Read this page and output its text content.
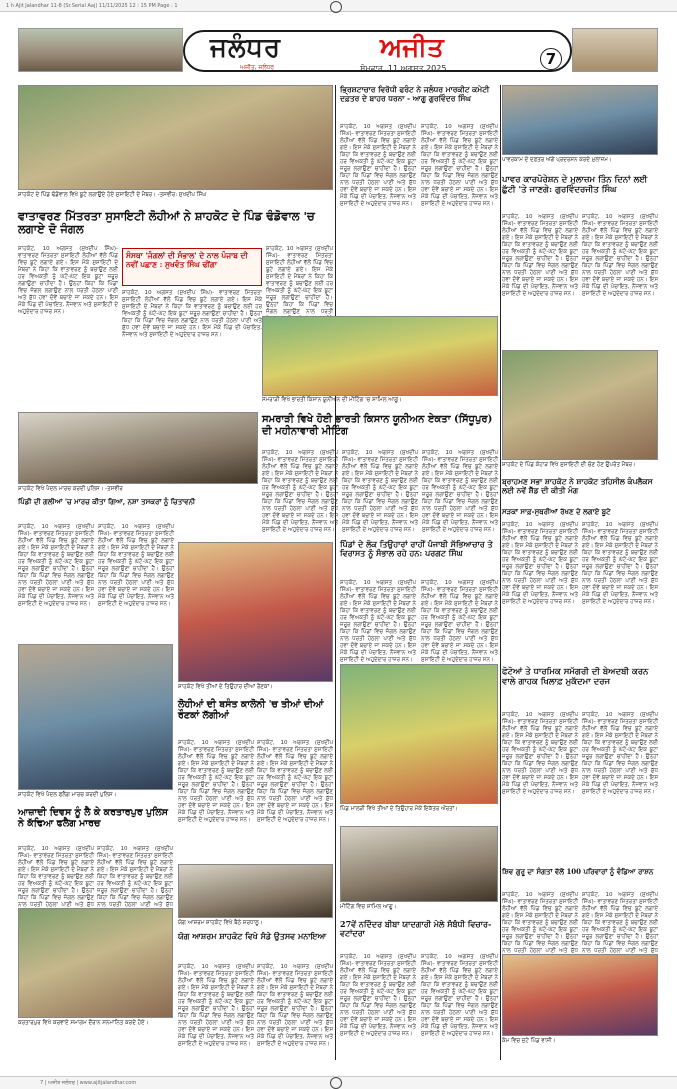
1 h Ajit Jalandhar 11-8 (Sr.Serial Aaj) 11/11/2025 12 : 15 PM Page : 1
ਜਲੰਧਰ	ਅਜੀਤ
ਅਜੀਤ, ਜਲੰਧਰ	ਸੋਮਵਾਰ, 11 ਅਗਸਤ 2025
7
ਸ਼ਾਹਕੋਟ ਦੇ ਪਿੰਡ ਢੰਡੋਵਾਲ ਵਿਖੇ ਬੂਟੇ ਲਗਾਉਂਦੇ ਹੋਏ ਸੁਸਾਇਟੀ ਦੇ ਮੈਂਬਰ। -ਤਸਵੀਰ: ਸੁਖਦੀਪ ਸਿੰਘ
ਵਾਤਾਵਰਣ ਮਿੱਤਰਤਾ ਸੁਸਾਇਟੀ ਲੋਹੀਆਂ ਨੇ ਸ਼ਾਹਕੋਟ ਦੇ ਪਿੰਡ ਢੰਡੋਵਾਲ 'ਚ ਲਗਾਏ ਦੋ ਜੰਗਲ
ਸ਼ਾਹਕੋਟ, 10 ਅਗਸਤ (ਸੁਖਦੀਪ ਸਿੰਘ)- ਵਾਤਾਵਰਣ ਮਿੱਤਰਤਾ ਸੁਸਾਇਟੀ ਲੋਹੀਆਂ ਵੱਲੋਂ ਪਿੰਡ ਵਿਚ ਬੂਟੇ ਲਗਾਏ ਗਏ। ਇਸ ਮੌਕੇ ਸੁਸਾਇਟੀ ਦੇ ਮੈਂਬਰਾਂ ਨੇ ਕਿਹਾ ਕਿ ਵਾਤਾਵਰਣ ਨੂੰ ਬਚਾਉਣ ਲਈ ਹਰ ਵਿਅਕਤੀ ਨੂੰ ਘੱਟੋ-ਘੱਟ ਇਕ ਬੂਟਾ ਜ਼ਰੂਰ ਲਗਾਉਣਾ ਚਾਹੀਦਾ ਹੈ। ਉਨ੍ਹਾਂ ਕਿਹਾ ਕਿ ਪਿੰਡਾਂ ਵਿਚ ਜੰਗਲ ਲਗਾਉਣ ਨਾਲ ਧਰਤੀ ਹੇਠਲਾ ਪਾਣੀ ਅਤੇ ਸ਼ੁੱਧ ਹਵਾ ਦੋਵੇਂ ਬਚਾਏ ਜਾ ਸਕਦੇ ਹਨ। ਇਸ ਮੌਕੇ ਪਿੰਡ ਦੀ ਪੰਚਾਇਤ, ਨੌਜਵਾਨ ਅਤੇ ਸੁਸਾਇਟੀ ਦੇ ਅਹੁਦੇਦਾਰ ਹਾਜ਼ਰ ਸਨ।
ਸੰਸਥਾ 'ਜੰਗਲਾਂ ਦੀ ਸੰਭਾਲ' ਦੇ ਨਾਲ ਪੰਜਾਬ ਦੀ ਨਵੀਂ ਪਛਾਣ : ਸੁਖਵੰਤ ਸਿੰਘ ਢੀਂਗਾ
ਸ਼ਾਹਕੋਟ, 10 ਅਗਸਤ (ਸੁਖਦੀਪ ਸਿੰਘ)- ਵਾਤਾਵਰਣ ਮਿੱਤਰਤਾ ਸੁਸਾਇਟੀ ਲੋਹੀਆਂ ਵੱਲੋਂ ਪਿੰਡ ਵਿਚ ਬੂਟੇ ਲਗਾਏ ਗਏ। ਇਸ ਮੌਕੇ ਸੁਸਾਇਟੀ ਦੇ ਮੈਂਬਰਾਂ ਨੇ ਕਿਹਾ ਕਿ ਵਾਤਾਵਰਣ ਨੂੰ ਬਚਾਉਣ ਲਈ ਹਰ ਵਿਅਕਤੀ ਨੂੰ ਘੱਟੋ-ਘੱਟ ਇਕ ਬੂਟਾ ਜ਼ਰੂਰ ਲਗਾਉਣਾ ਚਾਹੀਦਾ ਹੈ। ਉਨ੍ਹਾਂ ਕਿਹਾ ਕਿ ਪਿੰਡਾਂ ਵਿਚ ਜੰਗਲ ਲਗਾਉਣ ਨਾਲ ਧਰਤੀ ਹੇਠਲਾ ਪਾਣੀ ਅਤੇ ਸ਼ੁੱਧ ਹਵਾ ਦੋਵੇਂ ਬਚਾਏ ਜਾ ਸਕਦੇ ਹਨ। ਇਸ ਮੌਕੇ ਪਿੰਡ ਦੀ ਪੰਚਾਇਤ, ਨੌਜਵਾਨ ਅਤੇ ਸੁਸਾਇਟੀ ਦੇ ਅਹੁਦੇਦਾਰ ਹਾਜ਼ਰ ਸਨ।
ਸ਼ਾਹਕੋਟ, 10 ਅਗਸਤ (ਸੁਖਦੀਪ ਸਿੰਘ)- ਵਾਤਾਵਰਣ ਮਿੱਤਰਤਾ ਸੁਸਾਇਟੀ ਲੋਹੀਆਂ ਵੱਲੋਂ ਪਿੰਡ ਵਿਚ ਬੂਟੇ ਲਗਾਏ ਗਏ। ਇਸ ਮੌਕੇ ਸੁਸਾਇਟੀ ਦੇ ਮੈਂਬਰਾਂ ਨੇ ਕਿਹਾ ਕਿ ਵਾਤਾਵਰਣ ਨੂੰ ਬਚਾਉਣ ਲਈ ਹਰ ਵਿਅਕਤੀ ਨੂੰ ਘੱਟੋ-ਘੱਟ ਇਕ ਬੂਟਾ ਜ਼ਰੂਰ ਲਗਾਉਣਾ ਚਾਹੀਦਾ ਹੈ। ਉਨ੍ਹਾਂ ਕਿਹਾ ਕਿ ਪਿੰਡਾਂ ਵਿਚ ਜੰਗਲ ਲਗਾਉਣ ਨਾਲ ਧਰਤੀ
ਭ੍ਰਿਸ਼ਟਾਚਾਰ ਵਿਰੋਧੀ ਫਰੰਟ ਨੇ ਜਲੰਧਰ ਮਾਰਕੀਟ ਕਮੇਟੀ ਦਫ਼ਤਰ ਦੇ ਬਾਹਰ ਧਰਨਾ - ਆਗੂ ਗੁਰਵਿੰਦਰ ਸਿੰਘ
ਸ਼ਾਹਕੋਟ, 10 ਅਗਸਤ (ਸੁਖਦੀਪ ਸਿੰਘ)- ਵਾਤਾਵਰਣ ਮਿੱਤਰਤਾ ਸੁਸਾਇਟੀ ਲੋਹੀਆਂ ਵੱਲੋਂ ਪਿੰਡ ਵਿਚ ਬੂਟੇ ਲਗਾਏ ਗਏ। ਇਸ ਮੌਕੇ ਸੁਸਾਇਟੀ ਦੇ ਮੈਂਬਰਾਂ ਨੇ ਕਿਹਾ ਕਿ ਵਾਤਾਵਰਣ ਨੂੰ ਬਚਾਉਣ ਲਈ ਹਰ ਵਿਅਕਤੀ ਨੂੰ ਘੱਟੋ-ਘੱਟ ਇਕ ਬੂਟਾ ਜ਼ਰੂਰ ਲਗਾਉਣਾ ਚਾਹੀਦਾ ਹੈ। ਉਨ੍ਹਾਂ ਕਿਹਾ ਕਿ ਪਿੰਡਾਂ ਵਿਚ ਜੰਗਲ ਲਗਾਉਣ ਨਾਲ ਧਰਤੀ ਹੇਠਲਾ ਪਾਣੀ ਅਤੇ ਸ਼ੁੱਧ ਹਵਾ ਦੋਵੇਂ ਬਚਾਏ ਜਾ ਸਕਦੇ ਹਨ। ਇਸ ਮੌਕੇ ਪਿੰਡ ਦੀ ਪੰਚਾਇਤ, ਨੌਜਵਾਨ ਅਤੇ ਸੁਸਾਇਟੀ ਦੇ ਅਹੁਦੇਦਾਰ ਹਾਜ਼ਰ ਸਨ।
ਸ਼ਾਹਕੋਟ, 10 ਅਗਸਤ (ਸੁਖਦੀਪ ਸਿੰਘ)- ਵਾਤਾਵਰਣ ਮਿੱਤਰਤਾ ਸੁਸਾਇਟੀ ਲੋਹੀਆਂ ਵੱਲੋਂ ਪਿੰਡ ਵਿਚ ਬੂਟੇ ਲਗਾਏ ਗਏ। ਇਸ ਮੌਕੇ ਸੁਸਾਇਟੀ ਦੇ ਮੈਂਬਰਾਂ ਨੇ ਕਿਹਾ ਕਿ ਵਾਤਾਵਰਣ ਨੂੰ ਬਚਾਉਣ ਲਈ ਹਰ ਵਿਅਕਤੀ ਨੂੰ ਘੱਟੋ-ਘੱਟ ਇਕ ਬੂਟਾ ਜ਼ਰੂਰ ਲਗਾਉਣਾ ਚਾਹੀਦਾ ਹੈ। ਉਨ੍ਹਾਂ ਕਿਹਾ ਕਿ ਪਿੰਡਾਂ ਵਿਚ ਜੰਗਲ ਲਗਾਉਣ ਨਾਲ ਧਰਤੀ ਹੇਠਲਾ ਪਾਣੀ ਅਤੇ ਸ਼ੁੱਧ ਹਵਾ ਦੋਵੇਂ ਬਚਾਏ ਜਾ ਸਕਦੇ ਹਨ। ਇਸ ਮੌਕੇ ਪਿੰਡ ਦੀ ਪੰਚਾਇਤ, ਨੌਜਵਾਨ ਅਤੇ ਸੁਸਾਇਟੀ ਦੇ ਅਹੁਦੇਦਾਰ ਹਾਜ਼ਰ ਸਨ।
ਸਮਰਾੜੀ ਵਿਖੇ ਭਾਰਤੀ ਕਿਸਾਨ ਯੂਨੀਅਨ ਦੀ ਮੀਟਿੰਗ 'ਚ ਸ਼ਾਮਿਲ ਆਗੂ।
ਸਮਰਾੜੀ ਵਿਖੇ ਹੋਈ ਭਾਰਤੀ ਕਿਸਾਨ ਯੂਨੀਅਨ ਏਕਤਾ (ਸਿੱਧੂਪੁਰ) ਦੀ ਮਹੀਨਾਵਾਰੀ ਮੀਟਿੰਗ
ਸ਼ਾਹਕੋਟ, 10 ਅਗਸਤ (ਸੁਖਦੀਪ ਸਿੰਘ)- ਵਾਤਾਵਰਣ ਮਿੱਤਰਤਾ ਸੁਸਾਇਟੀ ਲੋਹੀਆਂ ਵੱਲੋਂ ਪਿੰਡ ਵਿਚ ਬੂਟੇ ਲਗਾਏ ਗਏ। ਇਸ ਮੌਕੇ ਸੁਸਾਇਟੀ ਦੇ ਮੈਂਬਰਾਂ ਨੇ ਕਿਹਾ ਕਿ ਵਾਤਾਵਰਣ ਨੂੰ ਬਚਾਉਣ ਲਈ ਹਰ ਵਿਅਕਤੀ ਨੂੰ ਘੱਟੋ-ਘੱਟ ਇਕ ਬੂਟਾ ਜ਼ਰੂਰ ਲਗਾਉਣਾ ਚਾਹੀਦਾ ਹੈ। ਉਨ੍ਹਾਂ ਕਿਹਾ ਕਿ ਪਿੰਡਾਂ ਵਿਚ ਜੰਗਲ ਲਗਾਉਣ ਨਾਲ ਧਰਤੀ ਹੇਠਲਾ ਪਾਣੀ ਅਤੇ ਸ਼ੁੱਧ ਹਵਾ ਦੋਵੇਂ ਬਚਾਏ ਜਾ ਸਕਦੇ ਹਨ। ਇਸ ਮੌਕੇ ਪਿੰਡ ਦੀ ਪੰਚਾਇਤ, ਨੌਜਵਾਨ ਅਤੇ ਸੁਸਾਇਟੀ ਦੇ ਅਹੁਦੇਦਾਰ ਹਾਜ਼ਰ ਸਨ।
ਸ਼ਾਹਕੋਟ, 10 ਅਗਸਤ (ਸੁਖਦੀਪ ਸਿੰਘ)- ਵਾਤਾਵਰਣ ਮਿੱਤਰਤਾ ਸੁਸਾਇਟੀ ਲੋਹੀਆਂ ਵੱਲੋਂ ਪਿੰਡ ਵਿਚ ਬੂਟੇ ਲਗਾਏ ਗਏ। ਇਸ ਮੌਕੇ ਸੁਸਾਇਟੀ ਦੇ ਮੈਂਬਰਾਂ ਨੇ ਕਿਹਾ ਕਿ ਵਾਤਾਵਰਣ ਨੂੰ ਬਚਾਉਣ ਲਈ ਹਰ ਵਿਅਕਤੀ ਨੂੰ ਘੱਟੋ-ਘੱਟ ਇਕ ਬੂਟਾ ਜ਼ਰੂਰ ਲਗਾਉਣਾ ਚਾਹੀਦਾ ਹੈ। ਉਨ੍ਹਾਂ ਕਿਹਾ ਕਿ ਪਿੰਡਾਂ ਵਿਚ ਜੰਗਲ ਲਗਾਉਣ ਨਾਲ ਧਰਤੀ ਹੇਠਲਾ ਪਾਣੀ ਅਤੇ ਸ਼ੁੱਧ ਹਵਾ ਦੋਵੇਂ ਬਚਾਏ ਜਾ ਸਕਦੇ ਹਨ। ਇਸ ਮੌਕੇ ਪਿੰਡ ਦੀ ਪੰਚਾਇਤ, ਨੌਜਵਾਨ ਅਤੇ ਸੁਸਾਇਟੀ ਦੇ ਅਹੁਦੇਦਾਰ ਹਾਜ਼ਰ ਸਨ।
ਸ਼ਾਹਕੋਟ, 10 ਅਗਸਤ (ਸੁਖਦੀਪ ਸਿੰਘ)- ਵਾਤਾਵਰਣ ਮਿੱਤਰਤਾ ਸੁਸਾਇਟੀ ਲੋਹੀਆਂ ਵੱਲੋਂ ਪਿੰਡ ਵਿਚ ਬੂਟੇ ਲਗਾਏ ਗਏ। ਇਸ ਮੌਕੇ ਸੁਸਾਇਟੀ ਦੇ ਮੈਂਬਰਾਂ ਨੇ ਕਿਹਾ ਕਿ ਵਾਤਾਵਰਣ ਨੂੰ ਬਚਾਉਣ ਲਈ ਹਰ ਵਿਅਕਤੀ ਨੂੰ ਘੱਟੋ-ਘੱਟ ਇਕ ਬੂਟਾ ਜ਼ਰੂਰ ਲਗਾਉਣਾ ਚਾਹੀਦਾ ਹੈ। ਉਨ੍ਹਾਂ ਕਿਹਾ ਕਿ ਪਿੰਡਾਂ ਵਿਚ ਜੰਗਲ ਲਗਾਉਣ ਨਾਲ ਧਰਤੀ ਹੇਠਲਾ ਪਾਣੀ ਅਤੇ ਸ਼ੁੱਧ ਹਵਾ ਦੋਵੇਂ ਬਚਾਏ ਜਾ ਸਕਦੇ ਹਨ। ਇਸ ਮੌਕੇ ਪਿੰਡ ਦੀ ਪੰਚਾਇਤ, ਨੌਜਵਾਨ ਅਤੇ ਸੁਸਾਇਟੀ ਦੇ ਅਹੁਦੇਦਾਰ ਹਾਜ਼ਰ ਸਨ।
ਪਾਵਰਕਾਮ ਦੇ ਦਫ਼ਤਰ ਅੱਗੇ ਪ੍ਰਦਰਸ਼ਨ ਕਰਦੇ ਮੁਲਾਜ਼ਮ।
ਪਾਵਰ ਕਾਰਪੋਰੇਸ਼ਨ ਦੇ ਮੁਲਾਜ਼ਮ ਤਿੰਨ ਦਿਨਾਂ ਲਈ ਛੁੱਟੀ 'ਤੇ ਜਾਣਗੇ: ਗੁਰਵਿੰਦਰਜੀਤ ਸਿੰਘ
ਸ਼ਾਹਕੋਟ, 10 ਅਗਸਤ (ਸੁਖਦੀਪ ਸਿੰਘ)- ਵਾਤਾਵਰਣ ਮਿੱਤਰਤਾ ਸੁਸਾਇਟੀ ਲੋਹੀਆਂ ਵੱਲੋਂ ਪਿੰਡ ਵਿਚ ਬੂਟੇ ਲਗਾਏ ਗਏ। ਇਸ ਮੌਕੇ ਸੁਸਾਇਟੀ ਦੇ ਮੈਂਬਰਾਂ ਨੇ ਕਿਹਾ ਕਿ ਵਾਤਾਵਰਣ ਨੂੰ ਬਚਾਉਣ ਲਈ ਹਰ ਵਿਅਕਤੀ ਨੂੰ ਘੱਟੋ-ਘੱਟ ਇਕ ਬੂਟਾ ਜ਼ਰੂਰ ਲਗਾਉਣਾ ਚਾਹੀਦਾ ਹੈ। ਉਨ੍ਹਾਂ ਕਿਹਾ ਕਿ ਪਿੰਡਾਂ ਵਿਚ ਜੰਗਲ ਲਗਾਉਣ ਨਾਲ ਧਰਤੀ ਹੇਠਲਾ ਪਾਣੀ ਅਤੇ ਸ਼ੁੱਧ ਹਵਾ ਦੋਵੇਂ ਬਚਾਏ ਜਾ ਸਕਦੇ ਹਨ। ਇਸ ਮੌਕੇ ਪਿੰਡ ਦੀ ਪੰਚਾਇਤ, ਨੌਜਵਾਨ ਅਤੇ ਸੁਸਾਇਟੀ ਦੇ ਅਹੁਦੇਦਾਰ ਹਾਜ਼ਰ ਸਨ।
ਸ਼ਾਹਕੋਟ, 10 ਅਗਸਤ (ਸੁਖਦੀਪ ਸਿੰਘ)- ਵਾਤਾਵਰਣ ਮਿੱਤਰਤਾ ਸੁਸਾਇਟੀ ਲੋਹੀਆਂ ਵੱਲੋਂ ਪਿੰਡ ਵਿਚ ਬੂਟੇ ਲਗਾਏ ਗਏ। ਇਸ ਮੌਕੇ ਸੁਸਾਇਟੀ ਦੇ ਮੈਂਬਰਾਂ ਨੇ ਕਿਹਾ ਕਿ ਵਾਤਾਵਰਣ ਨੂੰ ਬਚਾਉਣ ਲਈ ਹਰ ਵਿਅਕਤੀ ਨੂੰ ਘੱਟੋ-ਘੱਟ ਇਕ ਬੂਟਾ ਜ਼ਰੂਰ ਲਗਾਉਣਾ ਚਾਹੀਦਾ ਹੈ। ਉਨ੍ਹਾਂ ਕਿਹਾ ਕਿ ਪਿੰਡਾਂ ਵਿਚ ਜੰਗਲ ਲਗਾਉਣ ਨਾਲ ਧਰਤੀ ਹੇਠਲਾ ਪਾਣੀ ਅਤੇ ਸ਼ੁੱਧ ਹਵਾ ਦੋਵੇਂ ਬਚਾਏ ਜਾ ਸਕਦੇ ਹਨ। ਇਸ ਮੌਕੇ ਪਿੰਡ ਦੀ ਪੰਚਾਇਤ, ਨੌਜਵਾਨ ਅਤੇ ਸੁਸਾਇਟੀ ਦੇ ਅਹੁਦੇਦਾਰ ਹਾਜ਼ਰ ਸਨ।
ਸ਼ਾਹਕੋਟ ਦੇ ਪਿੰਡ ਕੋਹਾੜ ਵਿਖੇ ਸੁਸਾਇਟੀ ਦੀ ਚੋਣ ਹੋਣ ਉਪਰੰਤ ਮੈਂਬਰ।
ਬ੍ਰਾਹਮਣ ਸਭਾ ਸ਼ਾਹਕੋਟ ਨੇ ਸ਼ਾਹਕੋਟ ਤਹਿਸੀਲ ਕੰਪਲੈਕਸ ਲਈ ਨਵੇਂ ਸ਼ੈੱਡ ਦੀ ਕੀਤੀ ਮੰਗ
ਸੜਕਾਂ ਸਾਫ਼-ਸੁਥਰੀਆਂ ਰੱਖਣ ਦੇ ਲਗਾਏ ਬੂਟੇ
ਸ਼ਾਹਕੋਟ, 10 ਅਗਸਤ (ਸੁਖਦੀਪ ਸਿੰਘ)- ਵਾਤਾਵਰਣ ਮਿੱਤਰਤਾ ਸੁਸਾਇਟੀ ਲੋਹੀਆਂ ਵੱਲੋਂ ਪਿੰਡ ਵਿਚ ਬੂਟੇ ਲਗਾਏ ਗਏ। ਇਸ ਮੌਕੇ ਸੁਸਾਇਟੀ ਦੇ ਮੈਂਬਰਾਂ ਨੇ ਕਿਹਾ ਕਿ ਵਾਤਾਵਰਣ ਨੂੰ ਬਚਾਉਣ ਲਈ ਹਰ ਵਿਅਕਤੀ ਨੂੰ ਘੱਟੋ-ਘੱਟ ਇਕ ਬੂਟਾ ਜ਼ਰੂਰ ਲਗਾਉਣਾ ਚਾਹੀਦਾ ਹੈ। ਉਨ੍ਹਾਂ ਕਿਹਾ ਕਿ ਪਿੰਡਾਂ ਵਿਚ ਜੰਗਲ ਲਗਾਉਣ ਨਾਲ ਧਰਤੀ ਹੇਠਲਾ ਪਾਣੀ ਅਤੇ ਸ਼ੁੱਧ ਹਵਾ ਦੋਵੇਂ ਬਚਾਏ ਜਾ ਸਕਦੇ ਹਨ। ਇਸ ਮੌਕੇ ਪਿੰਡ ਦੀ ਪੰਚਾਇਤ, ਨੌਜਵਾਨ ਅਤੇ ਸੁਸਾਇਟੀ ਦੇ ਅਹੁਦੇਦਾਰ ਹਾਜ਼ਰ ਸਨ।
ਸ਼ਾਹਕੋਟ, 10 ਅਗਸਤ (ਸੁਖਦੀਪ ਸਿੰਘ)- ਵਾਤਾਵਰਣ ਮਿੱਤਰਤਾ ਸੁਸਾਇਟੀ ਲੋਹੀਆਂ ਵੱਲੋਂ ਪਿੰਡ ਵਿਚ ਬੂਟੇ ਲਗਾਏ ਗਏ। ਇਸ ਮੌਕੇ ਸੁਸਾਇਟੀ ਦੇ ਮੈਂਬਰਾਂ ਨੇ ਕਿਹਾ ਕਿ ਵਾਤਾਵਰਣ ਨੂੰ ਬਚਾਉਣ ਲਈ ਹਰ ਵਿਅਕਤੀ ਨੂੰ ਘੱਟੋ-ਘੱਟ ਇਕ ਬੂਟਾ ਜ਼ਰੂਰ ਲਗਾਉਣਾ ਚਾਹੀਦਾ ਹੈ। ਉਨ੍ਹਾਂ ਕਿਹਾ ਕਿ ਪਿੰਡਾਂ ਵਿਚ ਜੰਗਲ ਲਗਾਉਣ ਨਾਲ ਧਰਤੀ ਹੇਠਲਾ ਪਾਣੀ ਅਤੇ ਸ਼ੁੱਧ ਹਵਾ ਦੋਵੇਂ ਬਚਾਏ ਜਾ ਸਕਦੇ ਹਨ। ਇਸ ਮੌਕੇ ਪਿੰਡ ਦੀ ਪੰਚਾਇਤ, ਨੌਜਵਾਨ ਅਤੇ ਸੁਸਾਇਟੀ ਦੇ ਅਹੁਦੇਦਾਰ ਹਾਜ਼ਰ ਸਨ।
ਫੋਟੋਆਂ ਤੇ ਧਾਰਮਿਕ ਸਮੱਗਰੀ ਦੀ ਬੇਅਦਬੀ ਕਰਨ ਵਾਲੇ ਗਾਹਕ ਖਿਲਾਫ਼ ਮੁਕੱਦਮਾ ਦਰਜ
ਸ਼ਾਹਕੋਟ, 10 ਅਗਸਤ (ਸੁਖਦੀਪ ਸਿੰਘ)- ਵਾਤਾਵਰਣ ਮਿੱਤਰਤਾ ਸੁਸਾਇਟੀ ਲੋਹੀਆਂ ਵੱਲੋਂ ਪਿੰਡ ਵਿਚ ਬੂਟੇ ਲਗਾਏ ਗਏ। ਇਸ ਮੌਕੇ ਸੁਸਾਇਟੀ ਦੇ ਮੈਂਬਰਾਂ ਨੇ ਕਿਹਾ ਕਿ ਵਾਤਾਵਰਣ ਨੂੰ ਬਚਾਉਣ ਲਈ ਹਰ ਵਿਅਕਤੀ ਨੂੰ ਘੱਟੋ-ਘੱਟ ਇਕ ਬੂਟਾ ਜ਼ਰੂਰ ਲਗਾਉਣਾ ਚਾਹੀਦਾ ਹੈ। ਉਨ੍ਹਾਂ ਕਿਹਾ ਕਿ ਪਿੰਡਾਂ ਵਿਚ ਜੰਗਲ ਲਗਾਉਣ ਨਾਲ ਧਰਤੀ ਹੇਠਲਾ ਪਾਣੀ ਅਤੇ ਸ਼ੁੱਧ ਹਵਾ ਦੋਵੇਂ ਬਚਾਏ ਜਾ ਸਕਦੇ ਹਨ। ਇਸ ਮੌਕੇ ਪਿੰਡ ਦੀ ਪੰਚਾਇਤ, ਨੌਜਵਾਨ ਅਤੇ ਸੁਸਾਇਟੀ ਦੇ ਅਹੁਦੇਦਾਰ ਹਾਜ਼ਰ ਸਨ।
ਸ਼ਾਹਕੋਟ, 10 ਅਗਸਤ (ਸੁਖਦੀਪ ਸਿੰਘ)- ਵਾਤਾਵਰਣ ਮਿੱਤਰਤਾ ਸੁਸਾਇਟੀ ਲੋਹੀਆਂ ਵੱਲੋਂ ਪਿੰਡ ਵਿਚ ਬੂਟੇ ਲਗਾਏ ਗਏ। ਇਸ ਮੌਕੇ ਸੁਸਾਇਟੀ ਦੇ ਮੈਂਬਰਾਂ ਨੇ ਕਿਹਾ ਕਿ ਵਾਤਾਵਰਣ ਨੂੰ ਬਚਾਉਣ ਲਈ ਹਰ ਵਿਅਕਤੀ ਨੂੰ ਘੱਟੋ-ਘੱਟ ਇਕ ਬੂਟਾ ਜ਼ਰੂਰ ਲਗਾਉਣਾ ਚਾਹੀਦਾ ਹੈ। ਉਨ੍ਹਾਂ ਕਿਹਾ ਕਿ ਪਿੰਡਾਂ ਵਿਚ ਜੰਗਲ ਲਗਾਉਣ ਨਾਲ ਧਰਤੀ ਹੇਠਲਾ ਪਾਣੀ ਅਤੇ ਸ਼ੁੱਧ ਹਵਾ ਦੋਵੇਂ ਬਚਾਏ ਜਾ ਸਕਦੇ ਹਨ। ਇਸ ਮੌਕੇ ਪਿੰਡ ਦੀ ਪੰਚਾਇਤ, ਨੌਜਵਾਨ ਅਤੇ ਸੁਸਾਇਟੀ ਦੇ ਅਹੁਦੇਦਾਰ ਹਾਜ਼ਰ ਸਨ।
ਸ਼ਿਵ ਗੁਰੂ ਦਾ ਸੰਗਤਾਂ ਵੱਲੋਂ 100 ਪਰਿਵਾਰਾਂ ਨੂੰ ਵੰਡਿਆ ਰਾਸ਼ਨ
ਸ਼ਾਹਕੋਟ, 10 ਅਗਸਤ (ਸੁਖਦੀਪ ਸਿੰਘ)- ਵਾਤਾਵਰਣ ਮਿੱਤਰਤਾ ਸੁਸਾਇਟੀ ਲੋਹੀਆਂ ਵੱਲੋਂ ਪਿੰਡ ਵਿਚ ਬੂਟੇ ਲਗਾਏ ਗਏ। ਇਸ ਮੌਕੇ ਸੁਸਾਇਟੀ ਦੇ ਮੈਂਬਰਾਂ ਨੇ ਕਿਹਾ ਕਿ ਵਾਤਾਵਰਣ ਨੂੰ ਬਚਾਉਣ ਲਈ ਹਰ ਵਿਅਕਤੀ ਨੂੰ ਘੱਟੋ-ਘੱਟ ਇਕ ਬੂਟਾ ਜ਼ਰੂਰ ਲਗਾਉਣਾ ਚਾਹੀਦਾ ਹੈ। ਉਨ੍ਹਾਂ ਕਿਹਾ ਕਿ ਪਿੰਡਾਂ ਵਿਚ ਜੰਗਲ ਲਗਾਉਣ ਨਾਲ ਧਰਤੀ ਹੇਠਲਾ ਪਾਣੀ ਅਤੇ ਸ਼ੁੱਧ
ਸ਼ਾਹਕੋਟ, 10 ਅਗਸਤ (ਸੁਖਦੀਪ ਸਿੰਘ)- ਵਾਤਾਵਰਣ ਮਿੱਤਰਤਾ ਸੁਸਾਇਟੀ ਲੋਹੀਆਂ ਵੱਲੋਂ ਪਿੰਡ ਵਿਚ ਬੂਟੇ ਲਗਾਏ ਗਏ। ਇਸ ਮੌਕੇ ਸੁਸਾਇਟੀ ਦੇ ਮੈਂਬਰਾਂ ਨੇ ਕਿਹਾ ਕਿ ਵਾਤਾਵਰਣ ਨੂੰ ਬਚਾਉਣ ਲਈ ਹਰ ਵਿਅਕਤੀ ਨੂੰ ਘੱਟੋ-ਘੱਟ ਇਕ ਬੂਟਾ ਜ਼ਰੂਰ ਲਗਾਉਣਾ ਚਾਹੀਦਾ ਹੈ। ਉਨ੍ਹਾਂ ਕਿਹਾ ਕਿ ਪਿੰਡਾਂ ਵਿਚ ਜੰਗਲ ਲਗਾਉਣ ਨਾਲ ਧਰਤੀ ਹੇਠਲਾ ਪਾਣੀ ਅਤੇ ਸ਼ੁੱਧ
ਕੰਮ ਵਿਚ ਜੁਟੇ ਪਿੰਡ ਵਾਸੀ।
ਸ਼ਾਹਕੋਟ ਵਿਖੇ ਪੈਦਲ ਮਾਰਚ ਕਰਦੀ ਪੁਲਿਸ। -ਤਸਵੀਰ
ਪਿੰਡੀ ਦੀ ਗਲੀਆਂ 'ਚ ਮਾਰਚ ਕੀਤਾ ਗਿਆ, ਨਸ਼ਾ ਤਸਕਰਾਂ ਨੂੰ ਚਿਤਾਵਨੀ
ਸ਼ਾਹਕੋਟ, 10 ਅਗਸਤ (ਸੁਖਦੀਪ ਸਿੰਘ)- ਵਾਤਾਵਰਣ ਮਿੱਤਰਤਾ ਸੁਸਾਇਟੀ ਲੋਹੀਆਂ ਵੱਲੋਂ ਪਿੰਡ ਵਿਚ ਬੂਟੇ ਲਗਾਏ ਗਏ। ਇਸ ਮੌਕੇ ਸੁਸਾਇਟੀ ਦੇ ਮੈਂਬਰਾਂ ਨੇ ਕਿਹਾ ਕਿ ਵਾਤਾਵਰਣ ਨੂੰ ਬਚਾਉਣ ਲਈ ਹਰ ਵਿਅਕਤੀ ਨੂੰ ਘੱਟੋ-ਘੱਟ ਇਕ ਬੂਟਾ ਜ਼ਰੂਰ ਲਗਾਉਣਾ ਚਾਹੀਦਾ ਹੈ। ਉਨ੍ਹਾਂ ਕਿਹਾ ਕਿ ਪਿੰਡਾਂ ਵਿਚ ਜੰਗਲ ਲਗਾਉਣ ਨਾਲ ਧਰਤੀ ਹੇਠਲਾ ਪਾਣੀ ਅਤੇ ਸ਼ੁੱਧ ਹਵਾ ਦੋਵੇਂ ਬਚਾਏ ਜਾ ਸਕਦੇ ਹਨ। ਇਸ ਮੌਕੇ ਪਿੰਡ ਦੀ ਪੰਚਾਇਤ, ਨੌਜਵਾਨ ਅਤੇ ਸੁਸਾਇਟੀ ਦੇ ਅਹੁਦੇਦਾਰ ਹਾਜ਼ਰ ਸਨ।
ਸ਼ਾਹਕੋਟ, 10 ਅਗਸਤ (ਸੁਖਦੀਪ ਸਿੰਘ)- ਵਾਤਾਵਰਣ ਮਿੱਤਰਤਾ ਸੁਸਾਇਟੀ ਲੋਹੀਆਂ ਵੱਲੋਂ ਪਿੰਡ ਵਿਚ ਬੂਟੇ ਲਗਾਏ ਗਏ। ਇਸ ਮੌਕੇ ਸੁਸਾਇਟੀ ਦੇ ਮੈਂਬਰਾਂ ਨੇ ਕਿਹਾ ਕਿ ਵਾਤਾਵਰਣ ਨੂੰ ਬਚਾਉਣ ਲਈ ਹਰ ਵਿਅਕਤੀ ਨੂੰ ਘੱਟੋ-ਘੱਟ ਇਕ ਬੂਟਾ ਜ਼ਰੂਰ ਲਗਾਉਣਾ ਚਾਹੀਦਾ ਹੈ। ਉਨ੍ਹਾਂ ਕਿਹਾ ਕਿ ਪਿੰਡਾਂ ਵਿਚ ਜੰਗਲ ਲਗਾਉਣ ਨਾਲ ਧਰਤੀ ਹੇਠਲਾ ਪਾਣੀ ਅਤੇ ਸ਼ੁੱਧ ਹਵਾ ਦੋਵੇਂ ਬਚਾਏ ਜਾ ਸਕਦੇ ਹਨ। ਇਸ ਮੌਕੇ ਪਿੰਡ ਦੀ ਪੰਚਾਇਤ, ਨੌਜਵਾਨ ਅਤੇ ਸੁਸਾਇਟੀ ਦੇ ਅਹੁਦੇਦਾਰ ਹਾਜ਼ਰ ਸਨ।
ਸ਼ਾਹਕੋਟ ਵਿਖੇ ਤੀਆਂ ਦੇ ਤਿਉਹਾਰ ਦੀਆਂ ਰੌਣਕਾਂ।
ਲੋਹੀਆਂ ਦੀ ਬਸੰਤ ਕਾਲੋਨੀ 'ਚ ਤੀਆਂ ਦੀਆਂ ਰੌਣਕਾਂ ਲੱਗੀਆਂ
ਸ਼ਾਹਕੋਟ, 10 ਅਗਸਤ (ਸੁਖਦੀਪ ਸਿੰਘ)- ਵਾਤਾਵਰਣ ਮਿੱਤਰਤਾ ਸੁਸਾਇਟੀ ਲੋਹੀਆਂ ਵੱਲੋਂ ਪਿੰਡ ਵਿਚ ਬੂਟੇ ਲਗਾਏ ਗਏ। ਇਸ ਮੌਕੇ ਸੁਸਾਇਟੀ ਦੇ ਮੈਂਬਰਾਂ ਨੇ ਕਿਹਾ ਕਿ ਵਾਤਾਵਰਣ ਨੂੰ ਬਚਾਉਣ ਲਈ ਹਰ ਵਿਅਕਤੀ ਨੂੰ ਘੱਟੋ-ਘੱਟ ਇਕ ਬੂਟਾ ਜ਼ਰੂਰ ਲਗਾਉਣਾ ਚਾਹੀਦਾ ਹੈ। ਉਨ੍ਹਾਂ ਕਿਹਾ ਕਿ ਪਿੰਡਾਂ ਵਿਚ ਜੰਗਲ ਲਗਾਉਣ ਨਾਲ ਧਰਤੀ ਹੇਠਲਾ ਪਾਣੀ ਅਤੇ ਸ਼ੁੱਧ ਹਵਾ ਦੋਵੇਂ ਬਚਾਏ ਜਾ ਸਕਦੇ ਹਨ। ਇਸ ਮੌਕੇ ਪਿੰਡ ਦੀ ਪੰਚਾਇਤ, ਨੌਜਵਾਨ ਅਤੇ ਸੁਸਾਇਟੀ ਦੇ ਅਹੁਦੇਦਾਰ ਹਾਜ਼ਰ ਸਨ।
ਸ਼ਾਹਕੋਟ, 10 ਅਗਸਤ (ਸੁਖਦੀਪ ਸਿੰਘ)- ਵਾਤਾਵਰਣ ਮਿੱਤਰਤਾ ਸੁਸਾਇਟੀ ਲੋਹੀਆਂ ਵੱਲੋਂ ਪਿੰਡ ਵਿਚ ਬੂਟੇ ਲਗਾਏ ਗਏ। ਇਸ ਮੌਕੇ ਸੁਸਾਇਟੀ ਦੇ ਮੈਂਬਰਾਂ ਨੇ ਕਿਹਾ ਕਿ ਵਾਤਾਵਰਣ ਨੂੰ ਬਚਾਉਣ ਲਈ ਹਰ ਵਿਅਕਤੀ ਨੂੰ ਘੱਟੋ-ਘੱਟ ਇਕ ਬੂਟਾ ਜ਼ਰੂਰ ਲਗਾਉਣਾ ਚਾਹੀਦਾ ਹੈ। ਉਨ੍ਹਾਂ ਕਿਹਾ ਕਿ ਪਿੰਡਾਂ ਵਿਚ ਜੰਗਲ ਲਗਾਉਣ ਨਾਲ ਧਰਤੀ ਹੇਠਲਾ ਪਾਣੀ ਅਤੇ ਸ਼ੁੱਧ ਹਵਾ ਦੋਵੇਂ ਬਚਾਏ ਜਾ ਸਕਦੇ ਹਨ। ਇਸ ਮੌਕੇ ਪਿੰਡ ਦੀ ਪੰਚਾਇਤ, ਨੌਜਵਾਨ ਅਤੇ ਸੁਸਾਇਟੀ ਦੇ ਅਹੁਦੇਦਾਰ ਹਾਜ਼ਰ ਸਨ।
ਪਿੰਡਾਂ ਦੇ ਲੋਕ ਤਿਉਹਾਰਾਂ ਰਾਹੀਂ ਪੰਜਾਬੀ ਸੱਭਿਆਚਾਰ ਤੇ ਵਿਰਾਸਤ ਨੂੰ ਸੰਭਾਲ ਰਹੇ ਹਨ: ਪਰਗਟ ਸਿੰਘ
ਸ਼ਾਹਕੋਟ, 10 ਅਗਸਤ (ਸੁਖਦੀਪ ਸਿੰਘ)- ਵਾਤਾਵਰਣ ਮਿੱਤਰਤਾ ਸੁਸਾਇਟੀ ਲੋਹੀਆਂ ਵੱਲੋਂ ਪਿੰਡ ਵਿਚ ਬੂਟੇ ਲਗਾਏ ਗਏ। ਇਸ ਮੌਕੇ ਸੁਸਾਇਟੀ ਦੇ ਮੈਂਬਰਾਂ ਨੇ ਕਿਹਾ ਕਿ ਵਾਤਾਵਰਣ ਨੂੰ ਬਚਾਉਣ ਲਈ ਹਰ ਵਿਅਕਤੀ ਨੂੰ ਘੱਟੋ-ਘੱਟ ਇਕ ਬੂਟਾ ਜ਼ਰੂਰ ਲਗਾਉਣਾ ਚਾਹੀਦਾ ਹੈ। ਉਨ੍ਹਾਂ ਕਿਹਾ ਕਿ ਪਿੰਡਾਂ ਵਿਚ ਜੰਗਲ ਲਗਾਉਣ ਨਾਲ ਧਰਤੀ ਹੇਠਲਾ ਪਾਣੀ ਅਤੇ ਸ਼ੁੱਧ ਹਵਾ ਦੋਵੇਂ ਬਚਾਏ ਜਾ ਸਕਦੇ ਹਨ। ਇਸ ਮੌਕੇ ਪਿੰਡ ਦੀ ਪੰਚਾਇਤ, ਨੌਜਵਾਨ ਅਤੇ ਸੁਸਾਇਟੀ ਦੇ ਅਹੁਦੇਦਾਰ ਹਾਜ਼ਰ ਸਨ।
ਸ਼ਾਹਕੋਟ, 10 ਅਗਸਤ (ਸੁਖਦੀਪ ਸਿੰਘ)- ਵਾਤਾਵਰਣ ਮਿੱਤਰਤਾ ਸੁਸਾਇਟੀ ਲੋਹੀਆਂ ਵੱਲੋਂ ਪਿੰਡ ਵਿਚ ਬੂਟੇ ਲਗਾਏ ਗਏ। ਇਸ ਮੌਕੇ ਸੁਸਾਇਟੀ ਦੇ ਮੈਂਬਰਾਂ ਨੇ ਕਿਹਾ ਕਿ ਵਾਤਾਵਰਣ ਨੂੰ ਬਚਾਉਣ ਲਈ ਹਰ ਵਿਅਕਤੀ ਨੂੰ ਘੱਟੋ-ਘੱਟ ਇਕ ਬੂਟਾ ਜ਼ਰੂਰ ਲਗਾਉਣਾ ਚਾਹੀਦਾ ਹੈ। ਉਨ੍ਹਾਂ ਕਿਹਾ ਕਿ ਪਿੰਡਾਂ ਵਿਚ ਜੰਗਲ ਲਗਾਉਣ ਨਾਲ ਧਰਤੀ ਹੇਠਲਾ ਪਾਣੀ ਅਤੇ ਸ਼ੁੱਧ ਹਵਾ ਦੋਵੇਂ ਬਚਾਏ ਜਾ ਸਕਦੇ ਹਨ। ਇਸ ਮੌਕੇ ਪਿੰਡ ਦੀ ਪੰਚਾਇਤ, ਨੌਜਵਾਨ ਅਤੇ ਸੁਸਾਇਟੀ ਦੇ ਅਹੁਦੇਦਾਰ ਹਾਜ਼ਰ ਸਨ।
ਪਿੰਡ ਮਾਲੜੀ ਵਿਖੇ ਤੀਆਂ ਦੇ ਤਿਉਹਾਰ ਮੌਕੇ ਇਕੱਤਰ ਔਰਤਾਂ।
ਸ਼ਾਹਕੋਟ ਵਿਖੇ ਪੈਦਲ ਫਲੈਗ ਮਾਰਚ ਕਰਦੀ ਪੁਲਿਸ।
ਆਜ਼ਾਦੀ ਦਿਵਸ ਨੂੰ ਲੈ ਕੇ ਕਰਤਾਰਪੁਰ ਪੁਲਿਸ ਨੇ ਕੱਢਿਆ ਫਲੈਗ ਮਾਰਚ
ਸ਼ਾਹਕੋਟ, 10 ਅਗਸਤ (ਸੁਖਦੀਪ ਸਿੰਘ)- ਵਾਤਾਵਰਣ ਮਿੱਤਰਤਾ ਸੁਸਾਇਟੀ ਲੋਹੀਆਂ ਵੱਲੋਂ ਪਿੰਡ ਵਿਚ ਬੂਟੇ ਲਗਾਏ ਗਏ। ਇਸ ਮੌਕੇ ਸੁਸਾਇਟੀ ਦੇ ਮੈਂਬਰਾਂ ਨੇ ਕਿਹਾ ਕਿ ਵਾਤਾਵਰਣ ਨੂੰ ਬਚਾਉਣ ਲਈ ਹਰ ਵਿਅਕਤੀ ਨੂੰ ਘੱਟੋ-ਘੱਟ ਇਕ ਬੂਟਾ ਜ਼ਰੂਰ ਲਗਾਉਣਾ ਚਾਹੀਦਾ ਹੈ। ਉਨ੍ਹਾਂ ਕਿਹਾ ਕਿ ਪਿੰਡਾਂ ਵਿਚ ਜੰਗਲ ਲਗਾਉਣ ਨਾਲ ਧਰਤੀ ਹੇਠਲਾ ਪਾਣੀ ਅਤੇ ਸ਼ੁੱਧ
ਸ਼ਾਹਕੋਟ, 10 ਅਗਸਤ (ਸੁਖਦੀਪ ਸਿੰਘ)- ਵਾਤਾਵਰਣ ਮਿੱਤਰਤਾ ਸੁਸਾਇਟੀ ਲੋਹੀਆਂ ਵੱਲੋਂ ਪਿੰਡ ਵਿਚ ਬੂਟੇ ਲਗਾਏ ਗਏ। ਇਸ ਮੌਕੇ ਸੁਸਾਇਟੀ ਦੇ ਮੈਂਬਰਾਂ ਨੇ ਕਿਹਾ ਕਿ ਵਾਤਾਵਰਣ ਨੂੰ ਬਚਾਉਣ ਲਈ ਹਰ ਵਿਅਕਤੀ ਨੂੰ ਘੱਟੋ-ਘੱਟ ਇਕ ਬੂਟਾ ਜ਼ਰੂਰ ਲਗਾਉਣਾ ਚਾਹੀਦਾ ਹੈ। ਉਨ੍ਹਾਂ ਕਿਹਾ ਕਿ ਪਿੰਡਾਂ ਵਿਚ ਜੰਗਲ ਲਗਾਉਣ ਨਾਲ ਧਰਤੀ ਹੇਠਲਾ ਪਾਣੀ ਅਤੇ ਸ਼ੁੱਧ
ਕਰਤਾਰਪੁਰ ਵਿਖੇ ਕਰਵਾਏ ਸਮਾਗਮ ਦੌਰਾਨ ਸਨਮਾਨਿਤ ਕਰਦੇ ਹੋਏ।
ਯੋਗ ਆਸ਼ਰਮ ਸ਼ਾਹਕੋਟ ਵਿਖੇ ਬੈਠੇ ਸ਼ਰਧਾਲੂ।
ਯੋਗ ਆਸ਼ਰਮ ਸ਼ਾਹਕੋਟ ਵਿਖੇ ਸੰਡੇ ਉਤਸਵ ਮਨਾਇਆ
ਸ਼ਾਹਕੋਟ, 10 ਅਗਸਤ (ਸੁਖਦੀਪ ਸਿੰਘ)- ਵਾਤਾਵਰਣ ਮਿੱਤਰਤਾ ਸੁਸਾਇਟੀ ਲੋਹੀਆਂ ਵੱਲੋਂ ਪਿੰਡ ਵਿਚ ਬੂਟੇ ਲਗਾਏ ਗਏ। ਇਸ ਮੌਕੇ ਸੁਸਾਇਟੀ ਦੇ ਮੈਂਬਰਾਂ ਨੇ ਕਿਹਾ ਕਿ ਵਾਤਾਵਰਣ ਨੂੰ ਬਚਾਉਣ ਲਈ ਹਰ ਵਿਅਕਤੀ ਨੂੰ ਘੱਟੋ-ਘੱਟ ਇਕ ਬੂਟਾ ਜ਼ਰੂਰ ਲਗਾਉਣਾ ਚਾਹੀਦਾ ਹੈ। ਉਨ੍ਹਾਂ ਕਿਹਾ ਕਿ ਪਿੰਡਾਂ ਵਿਚ ਜੰਗਲ ਲਗਾਉਣ ਨਾਲ ਧਰਤੀ ਹੇਠਲਾ ਪਾਣੀ ਅਤੇ ਸ਼ੁੱਧ ਹਵਾ ਦੋਵੇਂ ਬਚਾਏ ਜਾ ਸਕਦੇ ਹਨ। ਇਸ ਮੌਕੇ ਪਿੰਡ ਦੀ ਪੰਚਾਇਤ, ਨੌਜਵਾਨ ਅਤੇ ਸੁਸਾਇਟੀ ਦੇ ਅਹੁਦੇਦਾਰ ਹਾਜ਼ਰ ਸਨ।
ਸ਼ਾਹਕੋਟ, 10 ਅਗਸਤ (ਸੁਖਦੀਪ ਸਿੰਘ)- ਵਾਤਾਵਰਣ ਮਿੱਤਰਤਾ ਸੁਸਾਇਟੀ ਲੋਹੀਆਂ ਵੱਲੋਂ ਪਿੰਡ ਵਿਚ ਬੂਟੇ ਲਗਾਏ ਗਏ। ਇਸ ਮੌਕੇ ਸੁਸਾਇਟੀ ਦੇ ਮੈਂਬਰਾਂ ਨੇ ਕਿਹਾ ਕਿ ਵਾਤਾਵਰਣ ਨੂੰ ਬਚਾਉਣ ਲਈ ਹਰ ਵਿਅਕਤੀ ਨੂੰ ਘੱਟੋ-ਘੱਟ ਇਕ ਬੂਟਾ ਜ਼ਰੂਰ ਲਗਾਉਣਾ ਚਾਹੀਦਾ ਹੈ। ਉਨ੍ਹਾਂ ਕਿਹਾ ਕਿ ਪਿੰਡਾਂ ਵਿਚ ਜੰਗਲ ਲਗਾਉਣ ਨਾਲ ਧਰਤੀ ਹੇਠਲਾ ਪਾਣੀ ਅਤੇ ਸ਼ੁੱਧ ਹਵਾ ਦੋਵੇਂ ਬਚਾਏ ਜਾ ਸਕਦੇ ਹਨ। ਇਸ ਮੌਕੇ ਪਿੰਡ ਦੀ ਪੰਚਾਇਤ, ਨੌਜਵਾਨ ਅਤੇ ਸੁਸਾਇਟੀ ਦੇ ਅਹੁਦੇਦਾਰ ਹਾਜ਼ਰ ਸਨ।
ਮੀਟਿੰਗ ਵਿਚ ਸ਼ਾਮਿਲ ਆਗੂ।
27ਵੇਂ ਨਦਿੰਦਰ ਬੀਬਾ ਯਾਦਗਾਰੀ ਮੇਲੇ ਸੰਬੰਧੀ ਵਿਚਾਰ-ਵਟਾਂਦਰਾ
ਸ਼ਾਹਕੋਟ, 10 ਅਗਸਤ (ਸੁਖਦੀਪ ਸਿੰਘ)- ਵਾਤਾਵਰਣ ਮਿੱਤਰਤਾ ਸੁਸਾਇਟੀ ਲੋਹੀਆਂ ਵੱਲੋਂ ਪਿੰਡ ਵਿਚ ਬੂਟੇ ਲਗਾਏ ਗਏ। ਇਸ ਮੌਕੇ ਸੁਸਾਇਟੀ ਦੇ ਮੈਂਬਰਾਂ ਨੇ ਕਿਹਾ ਕਿ ਵਾਤਾਵਰਣ ਨੂੰ ਬਚਾਉਣ ਲਈ ਹਰ ਵਿਅਕਤੀ ਨੂੰ ਘੱਟੋ-ਘੱਟ ਇਕ ਬੂਟਾ ਜ਼ਰੂਰ ਲਗਾਉਣਾ ਚਾਹੀਦਾ ਹੈ। ਉਨ੍ਹਾਂ ਕਿਹਾ ਕਿ ਪਿੰਡਾਂ ਵਿਚ ਜੰਗਲ ਲਗਾਉਣ ਨਾਲ ਧਰਤੀ ਹੇਠਲਾ ਪਾਣੀ ਅਤੇ ਸ਼ੁੱਧ ਹਵਾ ਦੋਵੇਂ ਬਚਾਏ ਜਾ ਸਕਦੇ ਹਨ। ਇਸ ਮੌਕੇ ਪਿੰਡ ਦੀ ਪੰਚਾਇਤ, ਨੌਜਵਾਨ ਅਤੇ ਸੁਸਾਇਟੀ ਦੇ ਅਹੁਦੇਦਾਰ ਹਾਜ਼ਰ ਸਨ।
ਸ਼ਾਹਕੋਟ, 10 ਅਗਸਤ (ਸੁਖਦੀਪ ਸਿੰਘ)- ਵਾਤਾਵਰਣ ਮਿੱਤਰਤਾ ਸੁਸਾਇਟੀ ਲੋਹੀਆਂ ਵੱਲੋਂ ਪਿੰਡ ਵਿਚ ਬੂਟੇ ਲਗਾਏ ਗਏ। ਇਸ ਮੌਕੇ ਸੁਸਾਇਟੀ ਦੇ ਮੈਂਬਰਾਂ ਨੇ ਕਿਹਾ ਕਿ ਵਾਤਾਵਰਣ ਨੂੰ ਬਚਾਉਣ ਲਈ ਹਰ ਵਿਅਕਤੀ ਨੂੰ ਘੱਟੋ-ਘੱਟ ਇਕ ਬੂਟਾ ਜ਼ਰੂਰ ਲਗਾਉਣਾ ਚਾਹੀਦਾ ਹੈ। ਉਨ੍ਹਾਂ ਕਿਹਾ ਕਿ ਪਿੰਡਾਂ ਵਿਚ ਜੰਗਲ ਲਗਾਉਣ ਨਾਲ ਧਰਤੀ ਹੇਠਲਾ ਪਾਣੀ ਅਤੇ ਸ਼ੁੱਧ ਹਵਾ ਦੋਵੇਂ ਬਚਾਏ ਜਾ ਸਕਦੇ ਹਨ। ਇਸ ਮੌਕੇ ਪਿੰਡ ਦੀ ਪੰਚਾਇਤ, ਨੌਜਵਾਨ ਅਤੇ ਸੁਸਾਇਟੀ ਦੇ ਅਹੁਦੇਦਾਰ ਹਾਜ਼ਰ ਸਨ।
7 | ਅਜੀਤ ਜਲੰਧਰ | www.ajitjalandhar.com
